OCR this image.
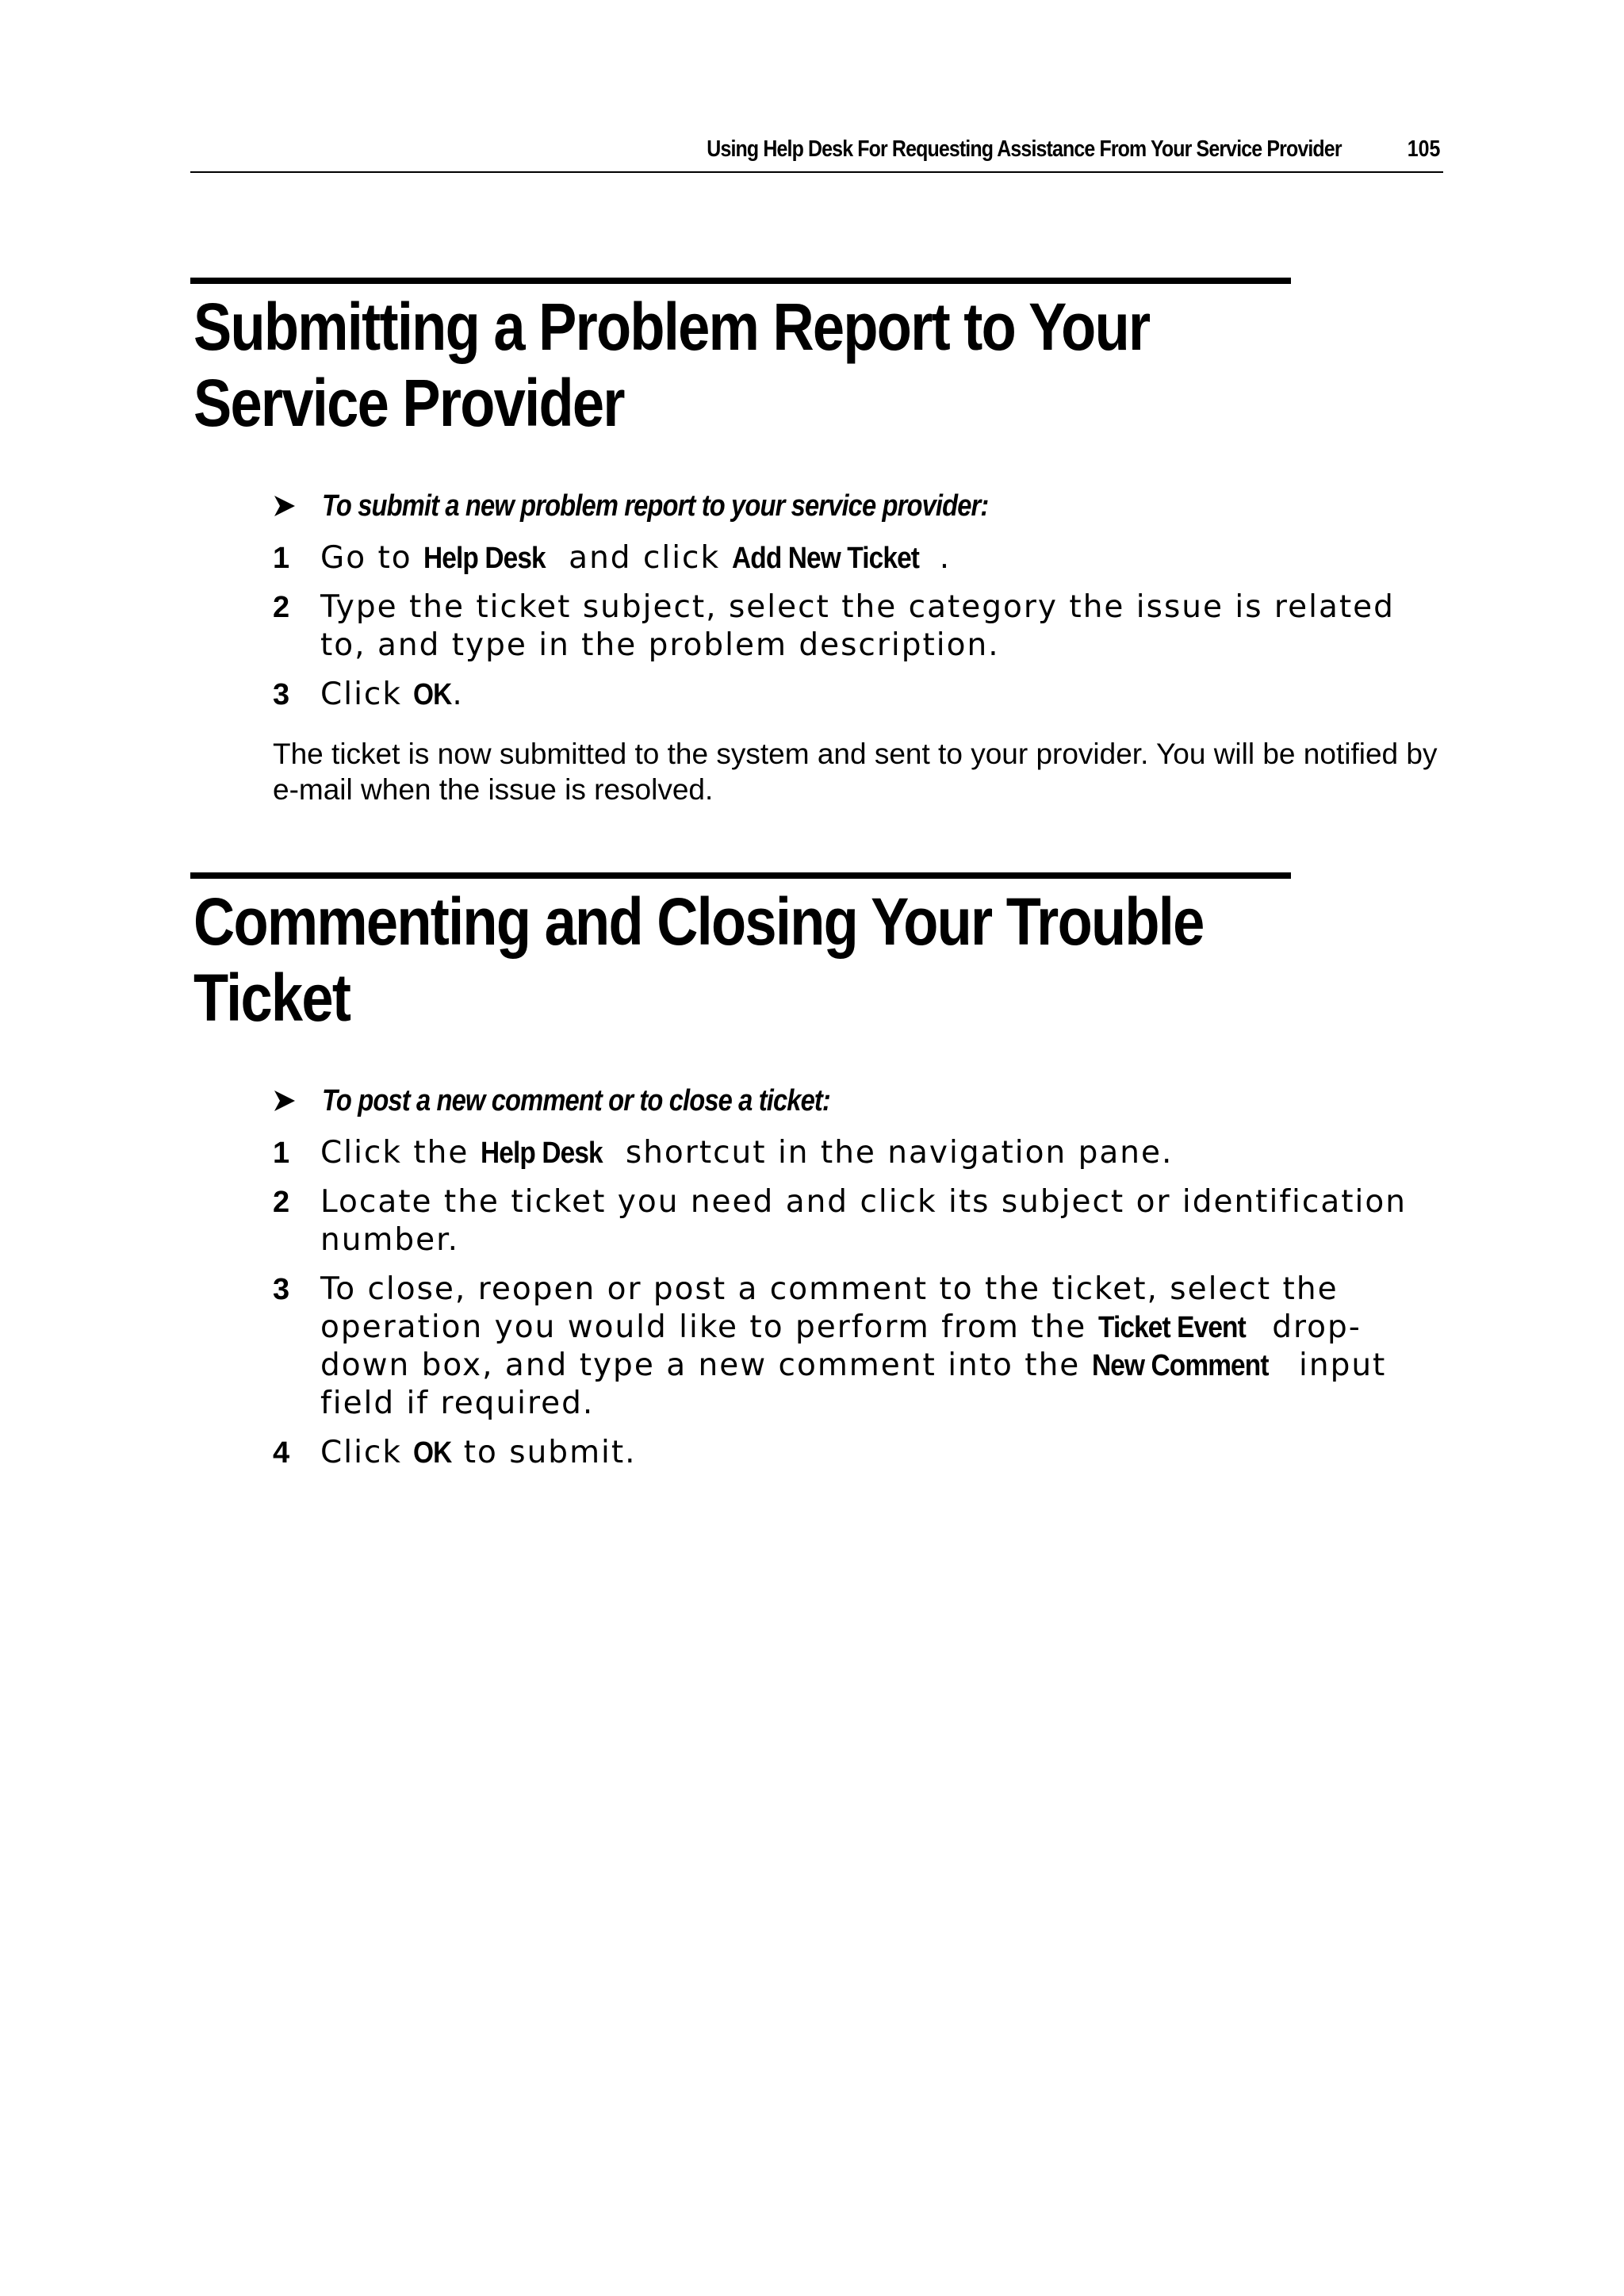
Using Help Desk For Requesting Assistance From Your Service Provider	105
Submitting a Problem Report to Your
Service Provider
To submit a new problem report to your service provider:
1 Go to Help Desk and click Add New Ticket .
2 Type the ticket subject, select the category the issue is related to, and type in the problem description.
3 Click OK.

The ticket is now submitted to the system and sent to your provider. You will be notified by e-mail when the issue is resolved.

Commenting and Closing Your Trouble
Ticket
To post a new comment or to close a ticket:
1 Click the Help Desk shortcut in the navigation pane.
2 Locate the ticket you need and click its subject or identification number.
3 To close, reopen or post a comment to the ticket, select the operation you would like to perform from the Ticket Event drop-down box, and type a new comment into the New Comment input field if required.
4 Click OK to submit.
